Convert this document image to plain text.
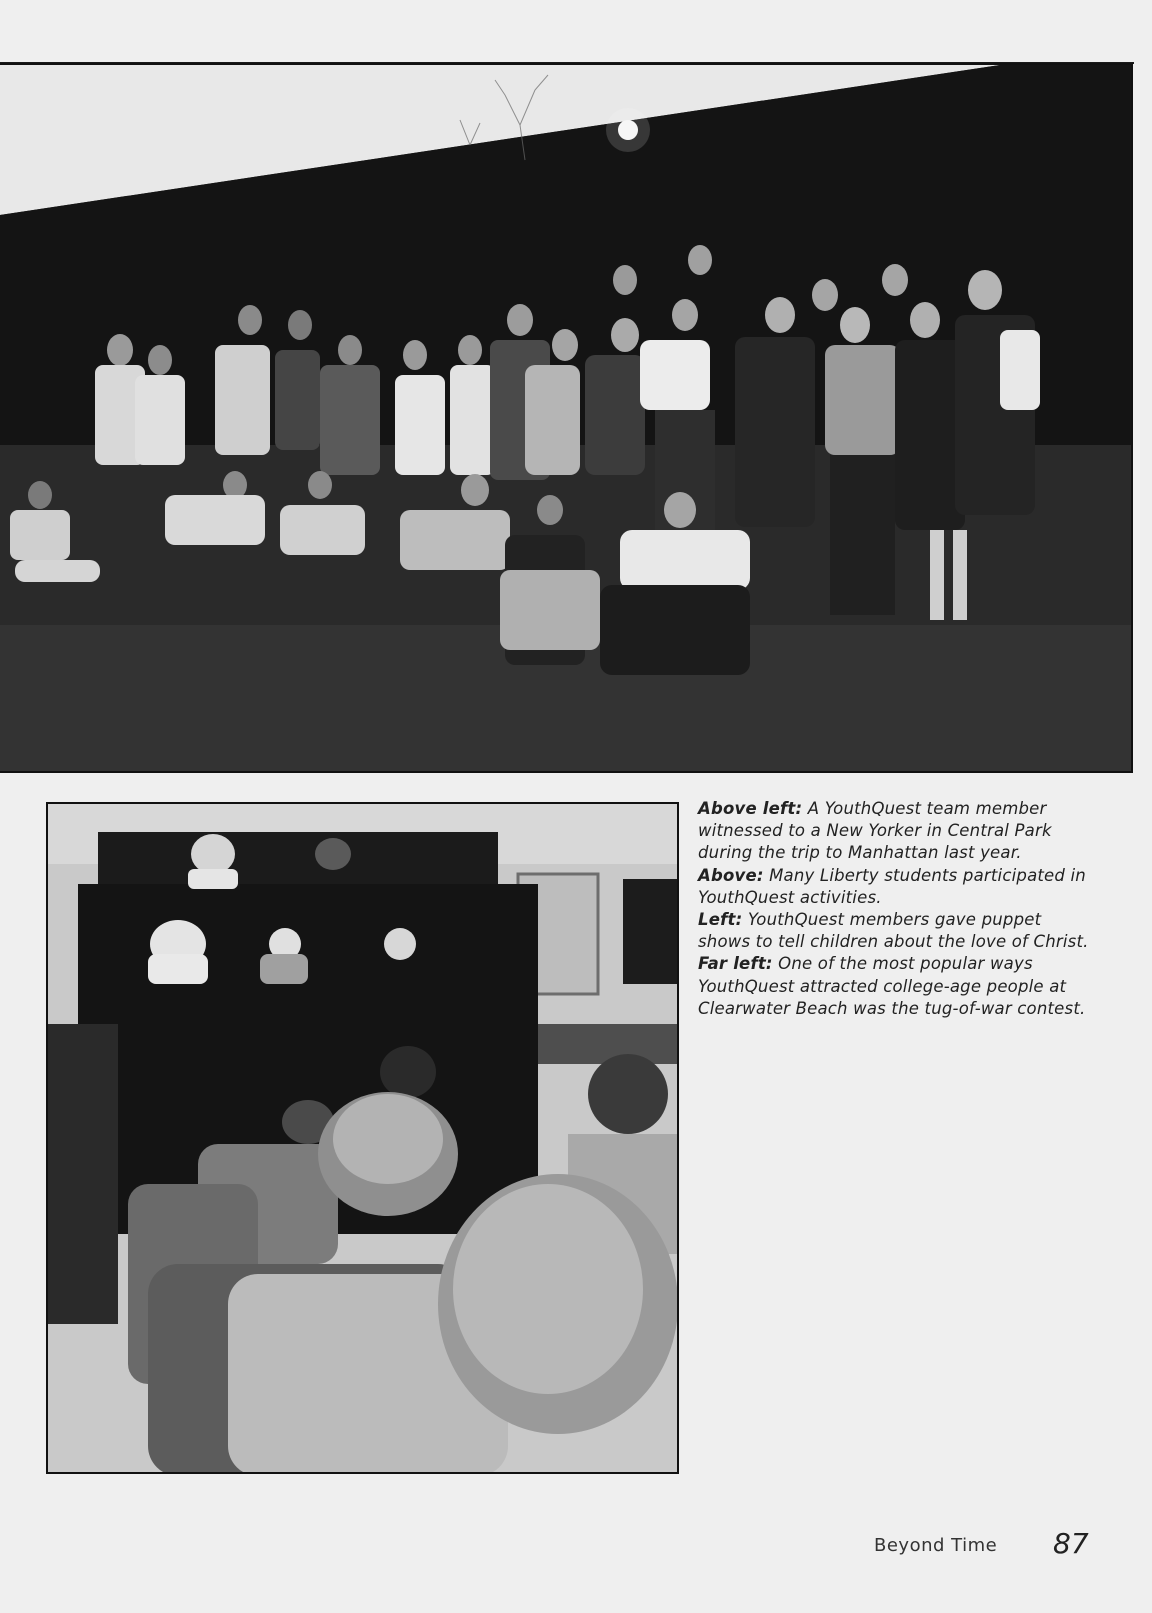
Above left: A YouthQuest team member witnessed to a New Yorker in Central Park during the trip to Manhattan last year.

Above: Many Liberty students participated in YouthQuest activities.

Left: YouthQuest members gave puppet shows to tell children about the love of Christ.

Far left: One of the most popular ways YouthQuest attracted college-age people at Clearwater Beach was the tug-of-war contest.

Beyond Time 87
